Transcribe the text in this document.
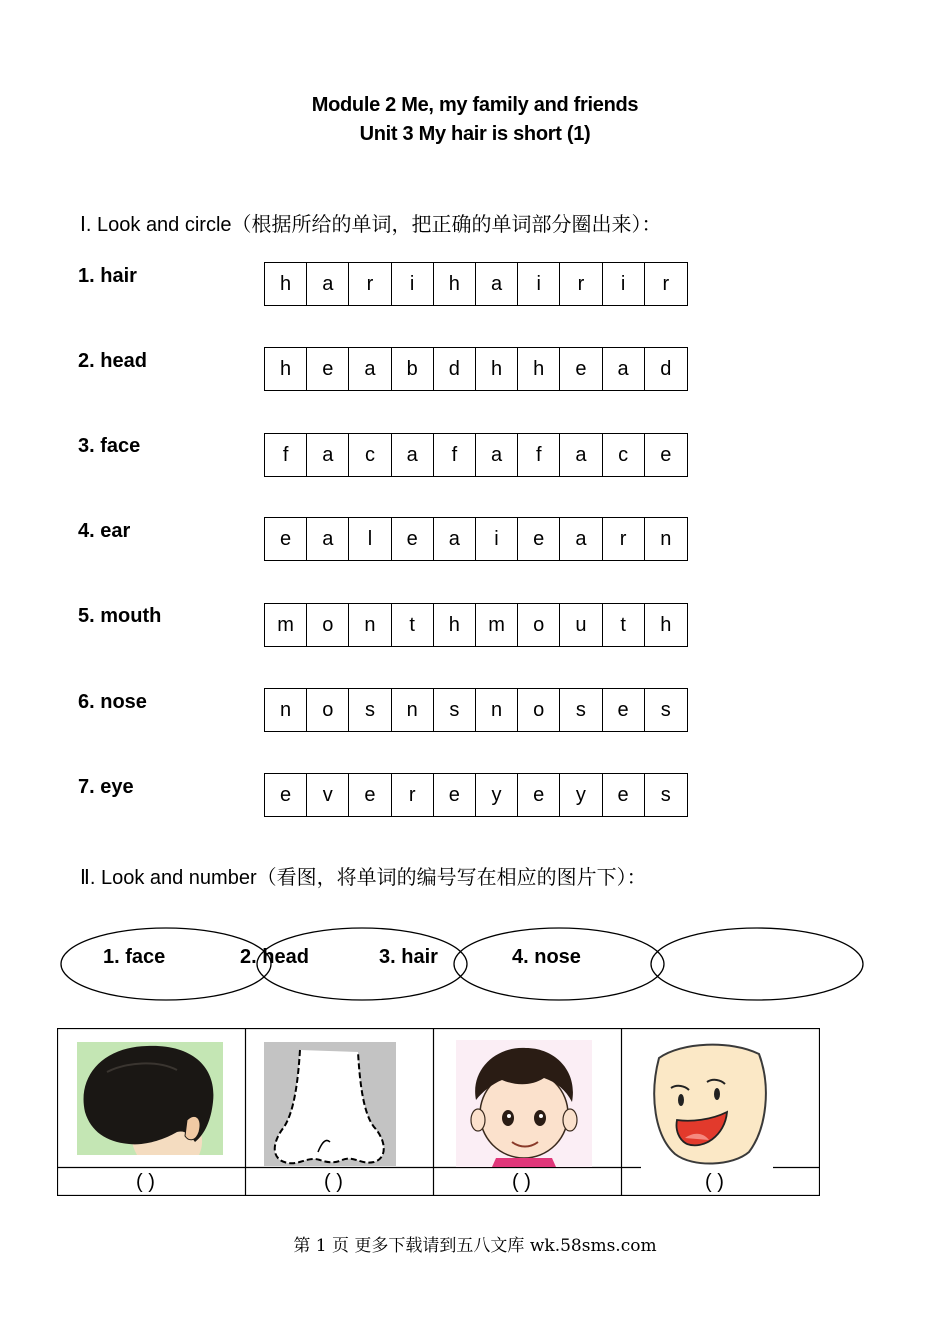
Module 2 Me, my family and friends
Unit 3 My hair is short (1)
Ⅰ. Look and circle（根据所给的单词，把正确的单词部分圈出来）：
1. hair	h	a	r	i	h	a	i	r	i	r
2. head	h	e	a	b	d	h	h	e	a	d
3. face	f	a	c	a	f	a	f	a	c	e
4. ear	e	a	l	e	a	i	e	a	r	n
5. mouth	m	o	n	t	h	m	o	u	t	h
6. nose	n	o	s	n	s	n	o	s	e	s
7. eye	e	v	e	r	e	y	e	y	e	s
Ⅱ. Look and number（看图，将单词的编号写在相应的图片下）：
1. face	2. head	3. hair	4. nose
( )	( )	( )	( )
第 1 页 更多下载请到五八文库 wk.58sms.com
